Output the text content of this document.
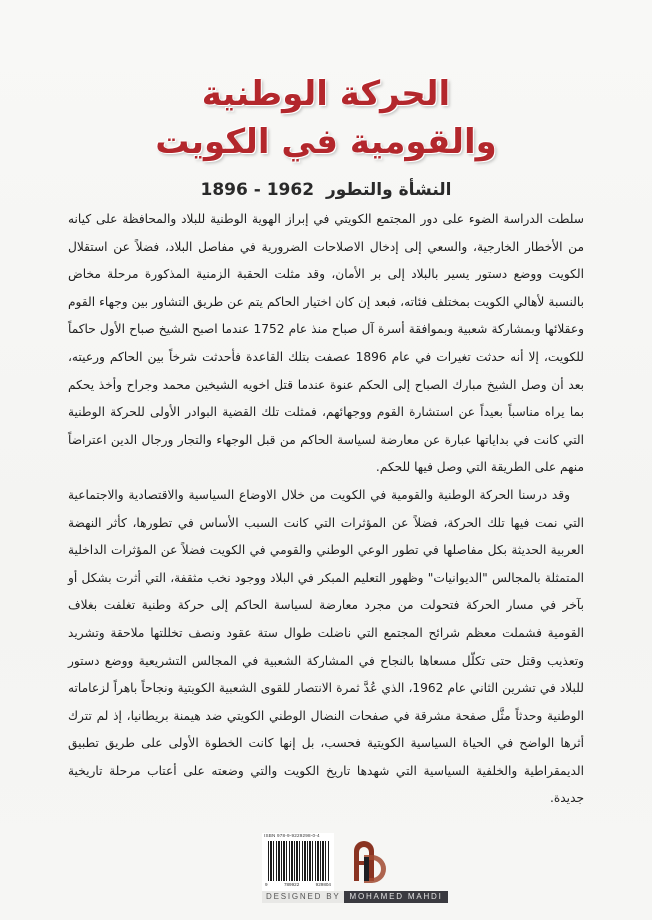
الحركة الوطنية
والقومية في الكويت
النشأة والتطور 1896 - 1962

سلطت الدراسة الضوء على دور المجتمع الكويتي في إبراز الهوية الوطنية للبلاد والمحافظة على كيانه من الأخطار الخارجية، والسعي إلى إدخال الاصلاحات الضرورية في مفاصل البلاد، فضلاً عن استقلال الكويت ووضع دستور يسير بالبلاد إلى بر الأمان، وقد مثلت الحقبة الزمنية المذكورة مرحلة مخاض بالنسبة لأهالي الكويت بمختلف فئاته، فبعد إن كان اختيار الحاكم يتم عن طريق التشاور بين وجهاء القوم وعقلائها وبمشاركة شعبية وبموافقة أسرة آل صباح منذ عام 1752 عندما اصبح الشيخ صباح الأول حاكماً للكويت، إلا أنه حدثت تغيرات في عام 1896 عصفت بتلك القاعدة فأحدثت شرخاً بين الحاكم ورعيته، بعد أن وصل الشيخ مبارك الصباح إلى الحكم عنوة عندما قتل اخويه الشيخين محمد وجراح وأخذ يحكم بما يراه مناسباً بعيداً عن استشارة القوم ووجهائهم، فمثلت تلك القضية البوادر الأولى للحركة الوطنية التي كانت في بداياتها عبارة عن معارضة لسياسة الحاكم من قبل الوجهاء والتجار ورجال الدين اعتراضاً منهم على الطريقة التي وصل فيها للحكم.

وقد درسنا الحركة الوطنية والقومية في الكويت من خلال الاوضاع السياسية والاقتصادية والاجتماعية التي نمت فيها تلك الحركة، فضلاً عن المؤثرات التي كانت السبب الأساس في تطورها، كأثر النهضة العربية الحديثة بكل مفاصلها في تطور الوعي الوطني والقومي في الكويت فضلاً عن المؤثرات الداخلية المتمثلة بالمجالس "الديوانيات" وظهور التعليم المبكر في البلاد ووجود نخب مثقفة، التي أثرت بشكل أو بآخر في مسار الحركة فتحولت من مجرد معارضة لسياسة الحاكم إلى حركة وطنية تغلفت بغلاف القومية فشملت معظم شرائح المجتمع التي ناضلت طوال ستة عقود ونصف تخللتها ملاحقة وتشريد وتعذيب وقتل حتى تكلّل مسعاها بالنجاح في المشاركة الشعبية في المجالس التشريعية ووضع دستور للبلاد في تشرين الثاني عام 1962، الذي عُدَّ ثمرة الانتصار للقوى الشعبية الكويتية ونجاحاً باهراً لزعاماته الوطنية وحدثاً مثَّل صفحة مشرقة في صفحات النضال الوطني الكويتي ضد هيمنة بريطانيا، إذ لم تترك أثرها الواضح في الحياة السياسية الكويتية فحسب، بل إنها كانت الخطوة الأولى على طريق تطبيق الديمقراطية والخلفية السياسية التي شهدها تاريخ الكويت والتي وضعته على أعتاب مرحلة تاريخية جديدة.

ISBN 978-9-9229298-0-4
9	789922	929804
DESIGNED BY	MOHAMED MAHDI
